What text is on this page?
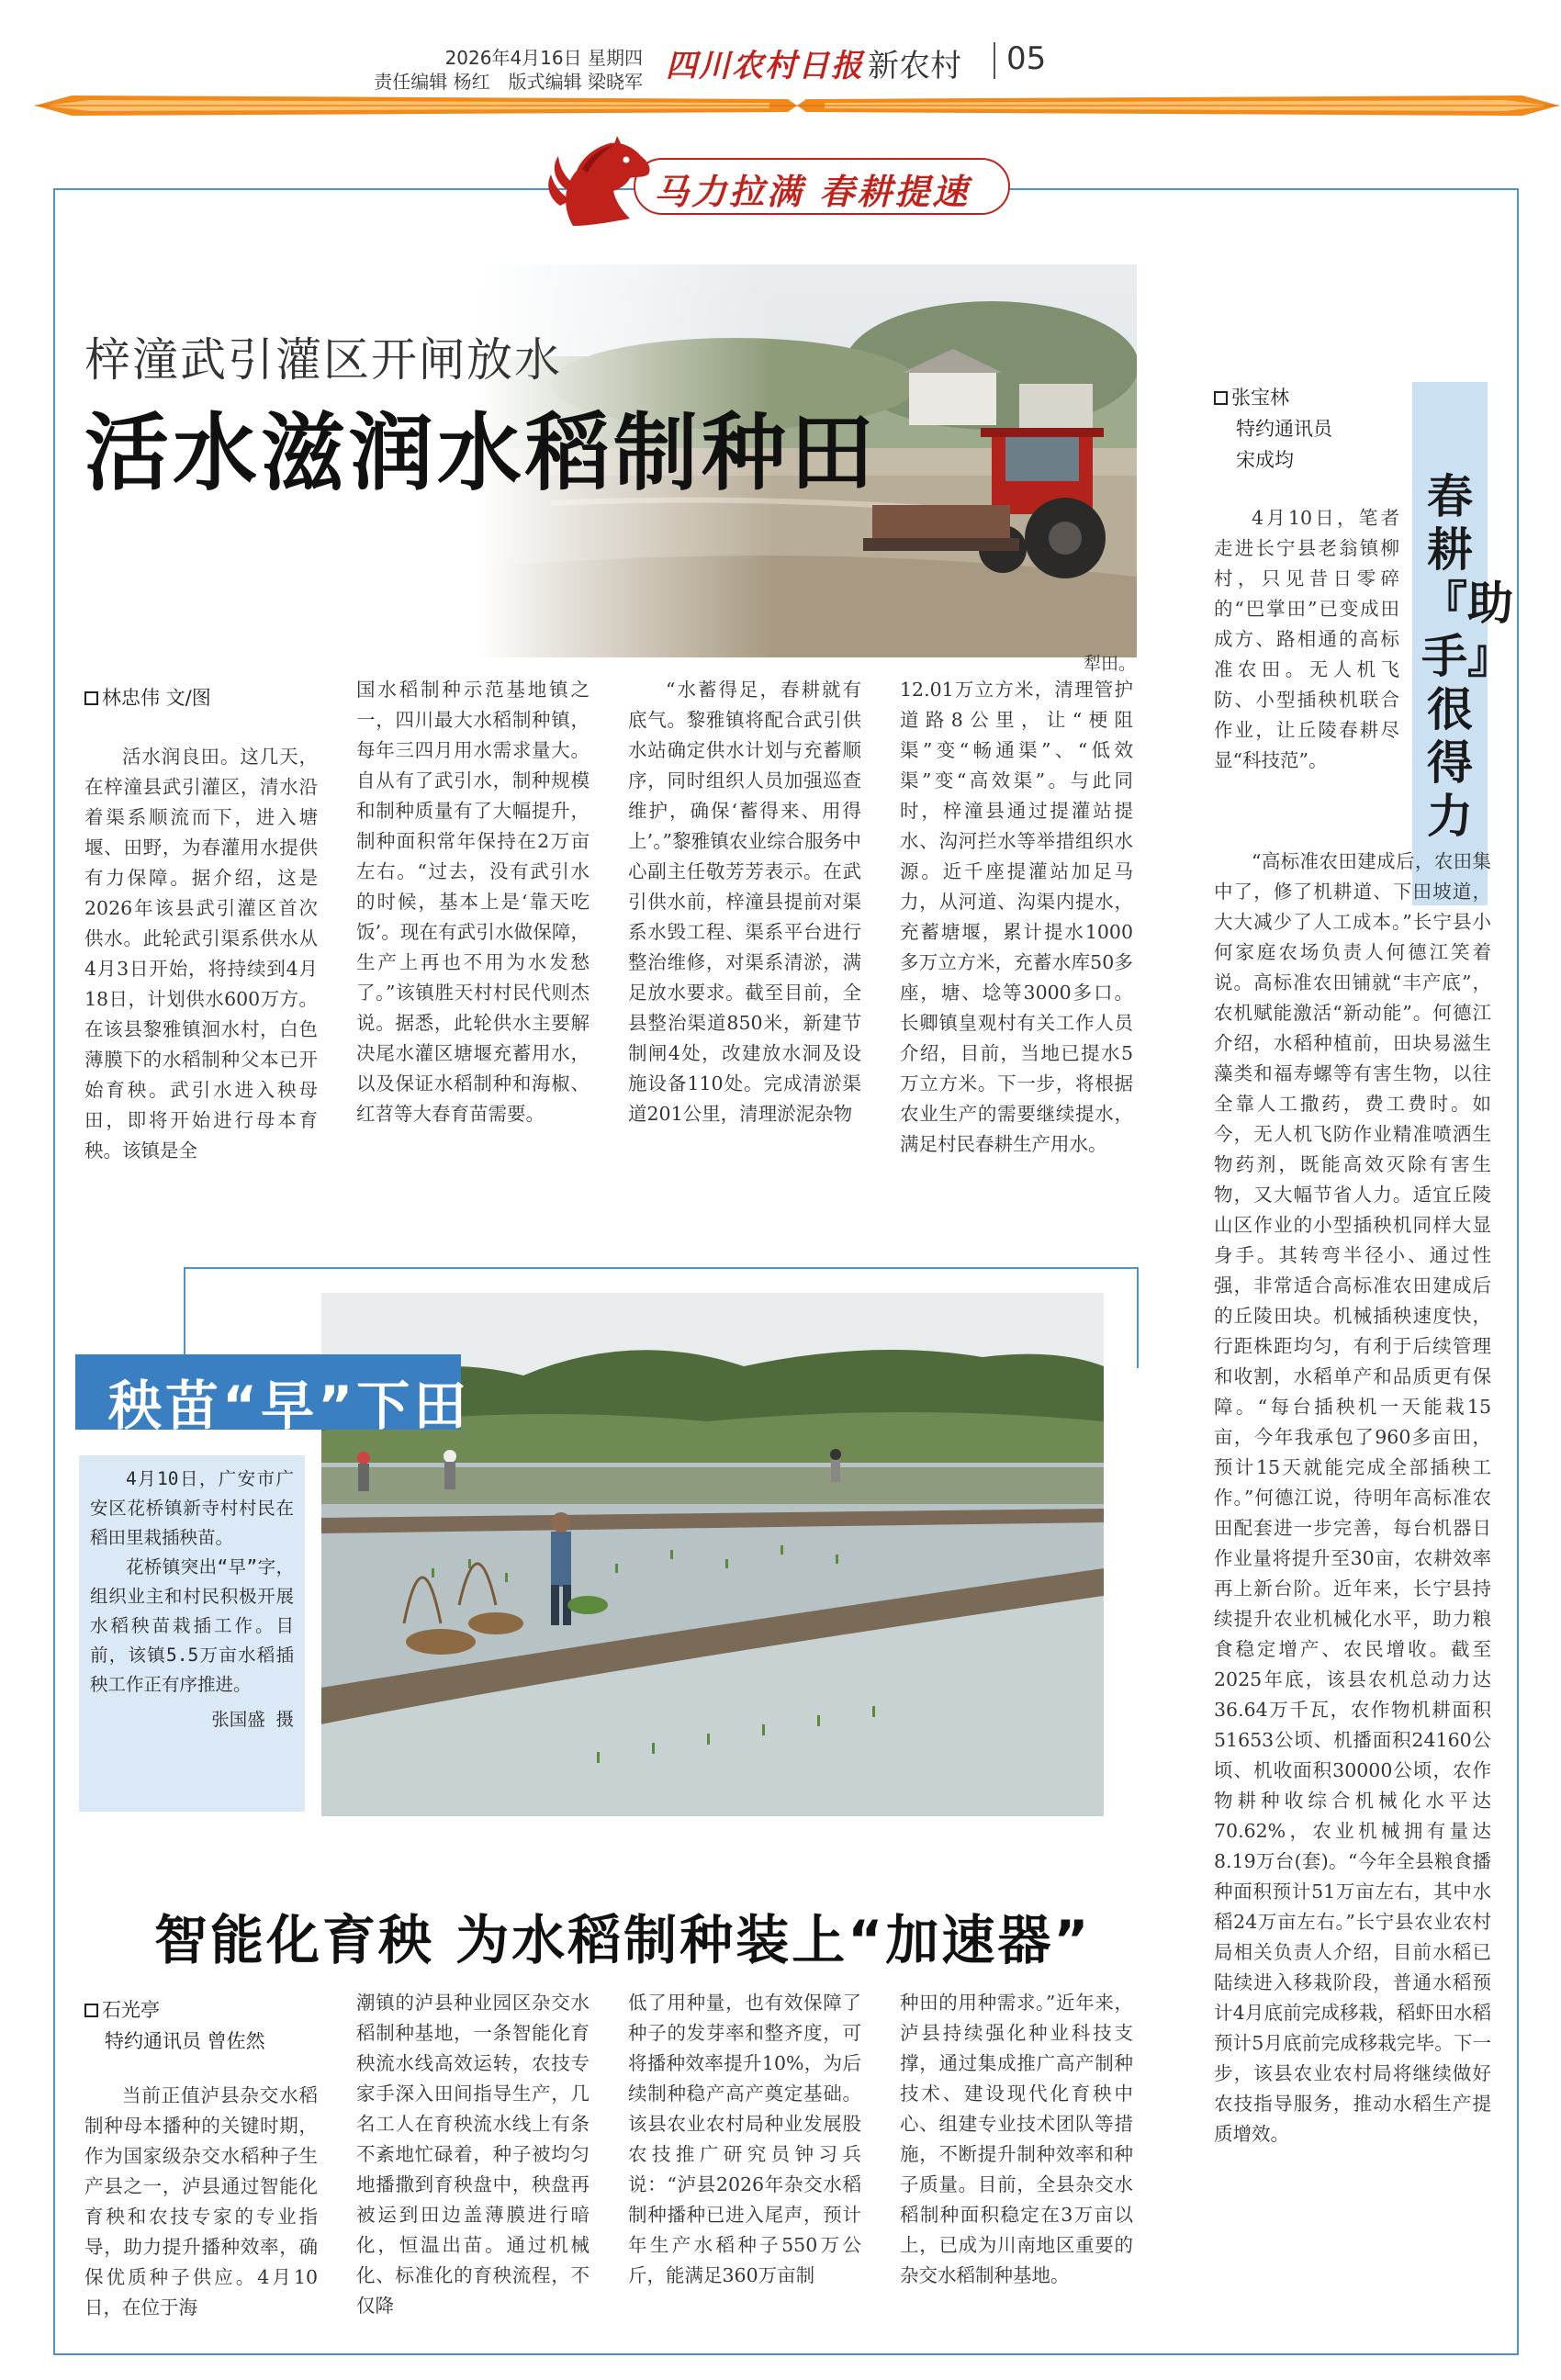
2026年4月16日 星期四
责任编辑 杨红　版式编辑 梁晓军 四川农村日报 新农村 05
马力拉满 春耕提速
犁田。
梓潼武引灌区开闸放水
活水滋润水稻制种田
林忠伟 文/图

活水润良田。这几天，在梓潼县武引灌区，清水沿着渠系顺流而下，进入塘堰、田野，为春灌用水提供有力保障。据介绍，这是2026年该县武引灌区首次供水。此轮武引渠系供水从4月3日开始，将持续到4月18日，计划供水600万方。在该县黎雅镇洄水村，白色薄膜下的水稻制种父本已开始育秧。武引水进入秧母田，即将开始进行母本育秧。该镇是全

国水稻制种示范基地镇之一，四川最大水稻制种镇，每年三四月用水需求量大。自从有了武引水，制种规模和制种质量有了大幅提升，制种面积常年保持在2万亩左右。“过去，没有武引水的时候，基本上是‘靠天吃饭’。现在有武引水做保障，生产上再也不用为水发愁了。”该镇胜天村村民代则杰说。据悉，此轮供水主要解决尾水灌区塘堰充蓄用水，以及保证水稻制种和海椒、红苕等大春育苗需要。

“水蓄得足，春耕就有底气。黎雅镇将配合武引供水站确定供水计划与充蓄顺序，同时组织人员加强巡查维护，确保‘蓄得来、用得上’。”黎雅镇农业综合服务中心副主任敬芳芳表示。在武引供水前，梓潼县提前对渠系水毁工程、渠系平台进行整治维修，对渠系清淤，满足放水要求。截至目前，全县整治渠道850米，新建节制闸4处，改建放水洞及设施设备110处。完成清淤渠道201公里，清理淤泥杂物

12.01万立方米，清理管护道路8公里，让“梗阻渠”变“畅通渠”、“低效渠”变“高效渠”。与此同时，梓潼县通过提灌站提水、沟河拦水等举措组织水源。近千座提灌站加足马力，从河道、沟渠内提水，充蓄塘堰，累计提水1000多万立方米，充蓄水库50多座，塘、埝等3000多口。长卿镇皇观村有关工作人员介绍，目前，当地已提水5万立方米。下一步，将根据农业生产的需要继续提水，满足村民春耕生产用水。

春耕『助手』很得力
张宝林
特约通讯员
宋成均

4月10日，笔者走进长宁县老翁镇柳村，只见昔日零碎的“巴掌田”已变成田成方、路相通的高标准农田。无人机飞防、小型插秧机联合作业，让丘陵春耕尽显“科技范”。

“高标准农田建成后，农田集中了，修了机耕道、下田坡道，大大减少了人工成本。”长宁县小何家庭农场负责人何德江笑着说。高标准农田铺就“丰产底”，农机赋能激活“新动能”。何德江介绍，水稻种植前，田块易滋生藻类和福寿螺等有害生物，以往全靠人工撒药，费工费时。如今，无人机飞防作业精准喷洒生物药剂，既能高效灭除有害生物，又大幅节省人力。适宜丘陵山区作业的小型插秧机同样大显身手。其转弯半径小、通过性强，非常适合高标准农田建成后的丘陵田块。机械插秧速度快，行距株距均匀，有利于后续管理和收割，水稻单产和品质更有保障。“每台插秧机一天能栽15亩，今年我承包了960多亩田，预计15天就能完成全部插秧工作。”何德江说，待明年高标准农田配套进一步完善，每台机器日作业量将提升至30亩，农耕效率再上新台阶。近年来，长宁县持续提升农业机械化水平，助力粮食稳定增产、农民增收。截至2025年底，该县农机总动力达36.64万千瓦，农作物机耕面积51653公顷、机播面积24160公顷、机收面积30000公顷，农作物耕种收综合机械化水平达70.62%，农业机械拥有量达8.19万台(套)。“今年全县粮食播种面积预计51万亩左右，其中水稻24万亩左右。”长宁县农业农村局相关负责人介绍，目前水稻已陆续进入移栽阶段，普通水稻预计4月底前完成移栽，稻虾田水稻预计5月底前完成移栽完毕。下一步，该县农业农村局将继续做好农技指导服务，推动水稻生产提质增效。

秧苗“早”下田

4月10日，广安市广安区花桥镇新寺村村民在稻田里栽插秧苗。

花桥镇突出“早”字，组织业主和村民积极开展水稻秧苗栽插工作。目前，该镇5.5万亩水稻插秧工作正有序推进。

张国盛 摄
智能化育秧 为水稻制种装上“加速器”
石光亭
特约通讯员 曾佐然

当前正值泸县杂交水稻制种母本播种的关键时期，作为国家级杂交水稻种子生产县之一，泸县通过智能化育秧和农技专家的专业指导，助力提升播种效率，确保优质种子供应。4月10日，在位于海

潮镇的泸县种业园区杂交水稻制种基地，一条智能化育秧流水线高效运转，农技专家手深入田间指导生产，几名工人在育秧流水线上有条不紊地忙碌着，种子被均匀地播撒到育秧盘中，秧盘再被运到田边盖薄膜进行暗化，恒温出苗。通过机械化、标准化的育秧流程，不仅降

低了用种量，也有效保障了种子的发芽率和整齐度，可将播种效率提升10%，为后续制种稳产高产奠定基础。该县农业农村局种业发展股农技推广研究员钟习兵说：“泸县2026年杂交水稻制种播种已进入尾声，预计年生产水稻种子550万公斤，能满足360万亩制

种田的用种需求。”近年来，泸县持续强化种业科技支撑，通过集成推广高产制种技术、建设现代化育秧中心、组建专业技术团队等措施，不断提升制种效率和种子质量。目前，全县杂交水稻制种面积稳定在3万亩以上，已成为川南地区重要的杂交水稻制种基地。
